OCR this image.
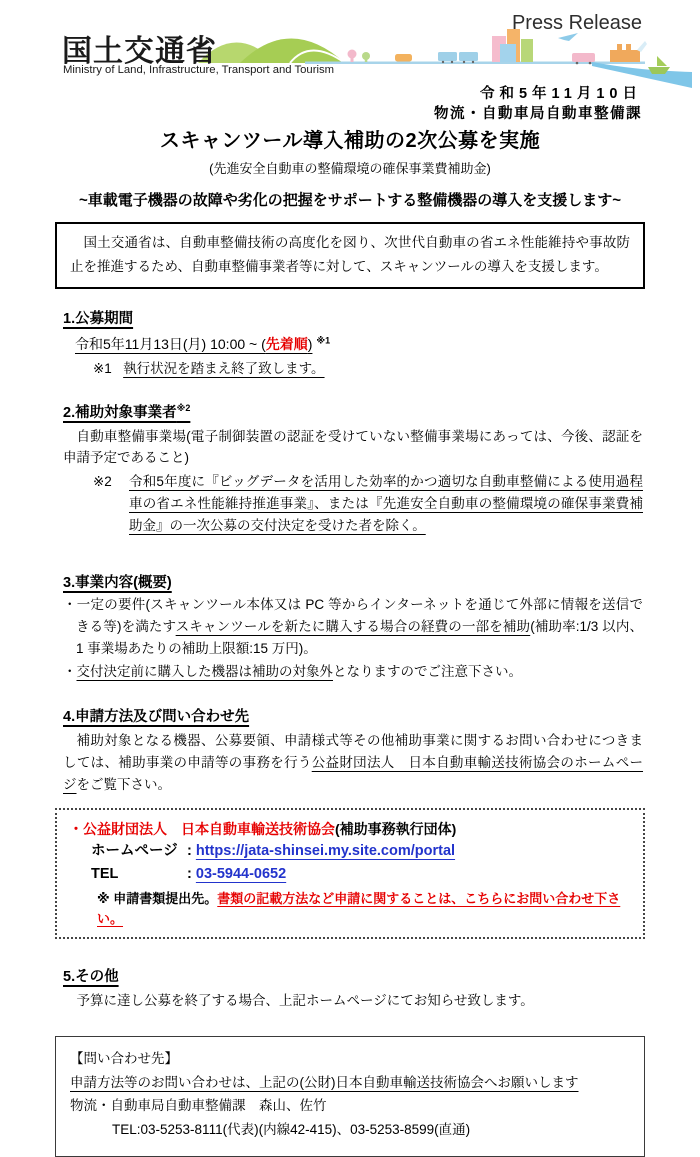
国土交通省
Ministry of Land, Infrastructure, Transport and Tourism
Press Release
令和5年11月10日
物流・自動車局自動車整備課
スキャンツール導入補助の2次公募を実施
(先進安全自動車の整備環境の確保事業費補助金)
~車載電子機器の故障や劣化の把握をサポートする整備機器の導入を支援します~
国土交通省は、自動車整備技術の高度化を図り、次世代自動車の省エネ性能維持や事故防止を推進するため、自動車整備事業者等に対して、スキャンツールの導入を支援します。
1.公募期間
令和5年11月13日(月) 10:00 ~ (先着順) $^{※1}$
※1 執行状況を踏まえ終了致します。
2.補助対象事業者$^{※2}$

自動車整備事業場(電子制御装置の認証を受けていない整備事業場にあっては、今後、認証を申請予定であること)

※2	令和5年度に『ビッグデータを活用した効率的かつ適切な自動車整備による使用過程車の省エネ性能維持推進事業』、または『先進安全自動車の整備環境の確保事業費補助金』の一次公募の交付決定を受けた者を除く。
3.事業内容(概要)

・一定の要件(スキャンツール本体又は PC 等からインターネットを通じて外部に情報を送信できる等)を満たすスキャンツールを新たに購入する場合の経費の一部を補助(補助率:1/3 以内、1 事業場あたりの補助上限額:15 万円)。

・交付決定前に購入した機器は補助の対象外となりますのでご注意下さい。

4.申請方法及び問い合わせ先

補助対象となる機器、公募要領、申請様式等その他補助事業に関するお問い合わせにつきましては、補助事業の申請等の事務を行う公益財団法人　日本自動車輸送技術協会のホームページをご覧下さい。

・公益財団法人　日本自動車輸送技術協会(補助事務執行団体)
ホームページ : https://jata-shinsei.my.site.com/portal
TEL	: 03-5944-0652
※ 申請書類提出先。書類の記載方法など申請に関することは、こちらにお問い合わせ下さい。
5.その他

予算に達し公募を終了する場合、上記ホームページにてお知らせ致します。

【問い合わせ先】
申請方法等のお問い合わせは、上記の(公財)日本自動車輸送技術協会へお願いします
物流・自動車局自動車整備課　森山、佐竹
TEL:03-5253-8111(代表)(内線42-415)、03-5253-8599(直通)
